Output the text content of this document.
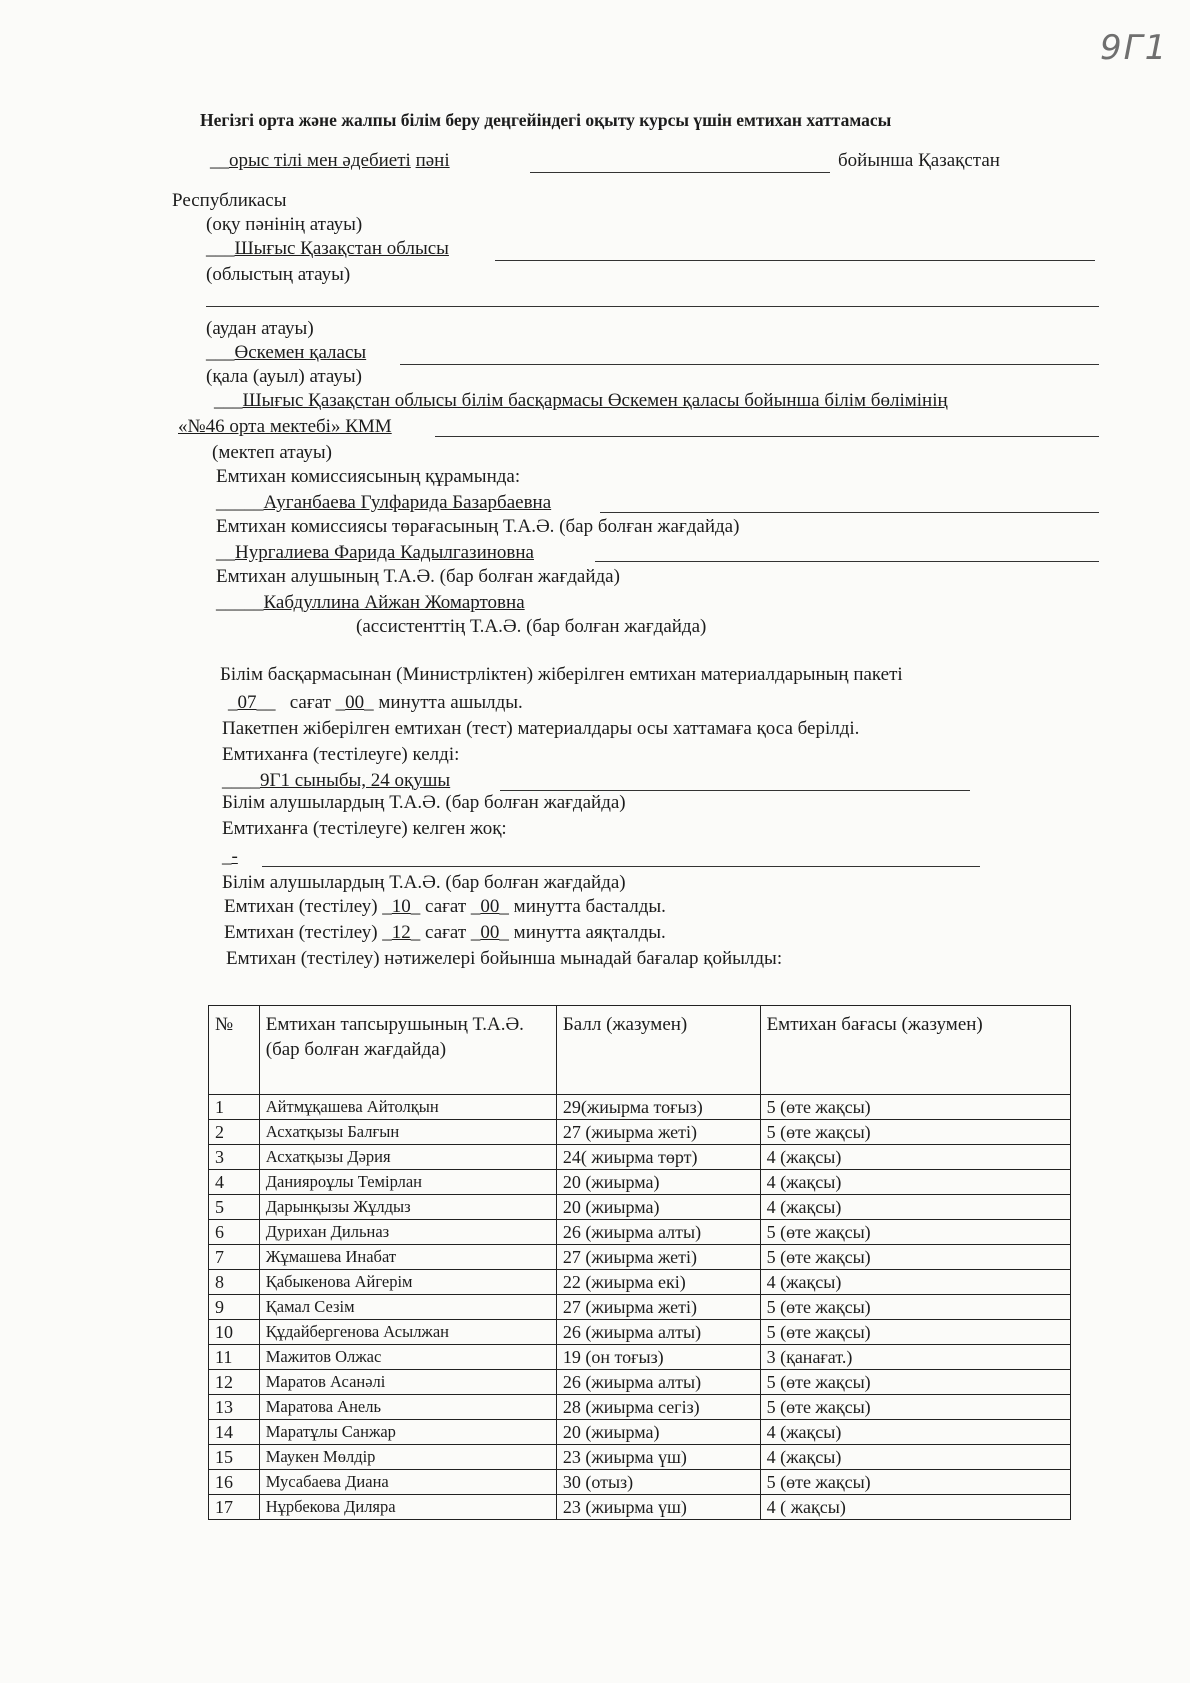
9Г1
Негізгі орта және жалпы білім беру деңгейіндегі оқыту курсы үшін емтихан хаттамасы
__орыс тілі мен әдебиеті пәні	бойынша Қазақстан
Республикасы
(оқу пәнінің атауы)
___Шығыс Қазақстан облысы
(облыстың атауы)
(аудан атауы)
___Өскемен қаласы
(қала (ауыл) атауы)
___Шығыс Қазақстан облысы білім басқармасы Өскемен қаласы бойынша білім бөлімінің
«№46 орта мектебі» КММ
(мектеп атауы)
Емтихан комиссиясының құрамында:
_____Ауганбаева Гулфарида Базарбаевна
Емтихан комиссиясы төрағасының Т.А.Ә. (бар болған жағдайда)
__Нургалиева Фарида Кадылгазиновна
Емтихан алушының Т.А.Ә. (бар болған жағдайда)
_____Кабдуллина Айжан Жомартовна
(ассистенттің Т.А.Ә. (бар болған жағдайда)
Білім басқармасынан (Министрліктен) жіберілген емтихан материалдарының пакеті
_07__ сағат _00_ минутта ашылды.
Пакетпен жіберілген емтихан (тест) материалдары осы хаттамаға қоса берілді.
Емтиханға (тестілеуге) келді:
____9Г1 сыныбы, 24 оқушы
Білім алушылардың Т.А.Ә. (бар болған жағдайда)
Емтиханға (тестілеуге) келген жоқ:
_-
Білім алушылардың Т.А.Ә. (бар болған жағдайда)
Емтихан (тестілеу) _10_ сағат _00_ минутта басталды.
Емтихан (тестілеу) _12_ сағат _00_ минутта аяқталды.
Емтихан (тестілеу) нәтижелері бойынша мынадай бағалар қойылды:
№	Емтихан тапсырушының Т.А.Ә. (бар болған жағдайда)	Балл (жазумен)	Емтихан бағасы (жазумен)
1	Айтмұқашева Айтолқын	29(жиырма тоғыз)	5 (өте жақсы)
2	Асхатқызы Балғын	27 (жиырма жеті)	5 (өте жақсы)
3	Асхатқызы Дәрия	24( жиырма төрт)	4 (жақсы)
4	Данияроұлы Темірлан	20 (жиырма)	4 (жақсы)
5	Дарынқызы Жұлдыз	20 (жиырма)	4 (жақсы)
6	Дурихан Дильназ	26 (жиырма алты)	5 (өте жақсы)
7	Жұмашева Инабат	27 (жиырма жеті)	5 (өте жақсы)
8	Қабыкенова Айгерім	22 (жиырма екі)	4 (жақсы)
9	Қамал Сезім	27 (жиырма жеті)	5 (өте жақсы)
10	Құдайбергенова Асылжан	26 (жиырма алты)	5 (өте жақсы)
11	Мажитов Олжас	19 (он тоғыз)	3 (қанағат.)
12	Маратов Асанәлі	26 (жиырма алты)	5 (өте жақсы)
13	Маратова Анель	28 (жиырма сегіз)	5 (өте жақсы)
14	Маратұлы Санжар	20 (жиырма)	4 (жақсы)
15	Маукен Мөлдір	23 (жиырма үш)	4 (жақсы)
16	Мусабаева Диана	30 (отыз)	5 (өте жақсы)
17	Нұрбекова Диляра	23 (жиырма үш)	4 ( жақсы)
